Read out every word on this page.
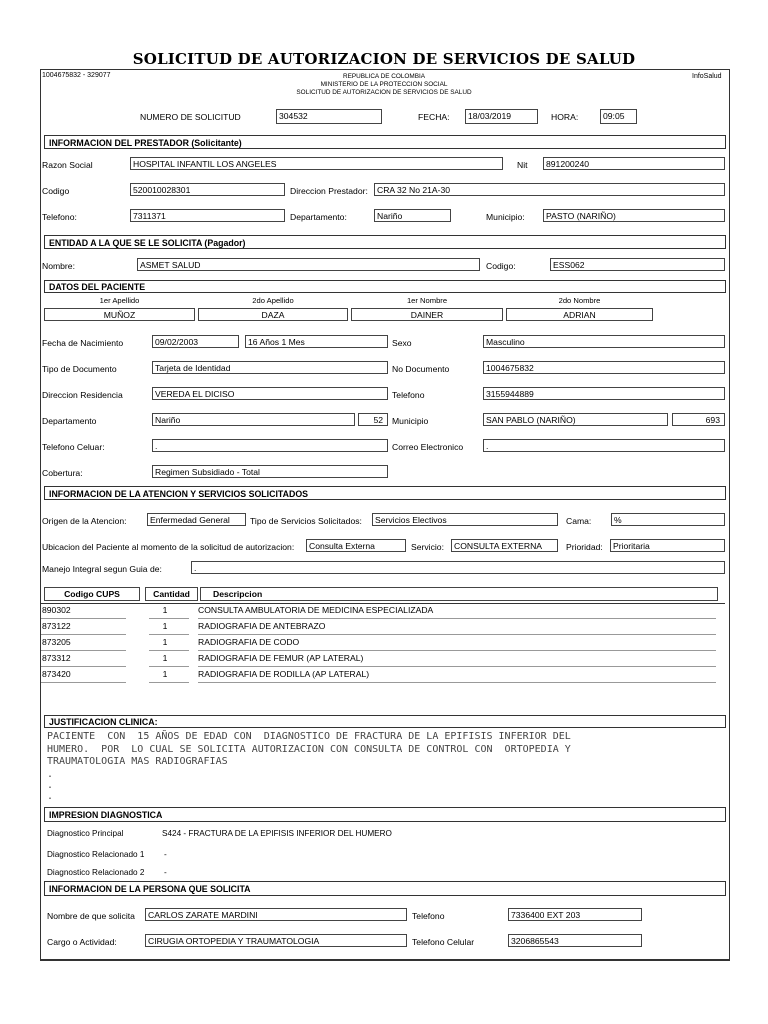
SOLICITUD DE AUTORIZACION DE SERVICIOS DE SALUD
1004675832 - 329077	REPUBLICA DE COLOMBIA
MINISTERIO DE LA PROTECCION SOCIAL
SOLICITUD DE AUTORIZACION DE SERVICIOS DE SALUD
InfoSalud
NUMERO DE SOLICITUD	304532	FECHA:	18/03/2019	HORA:	09:05
INFORMACION DEL PRESTADOR (Solicitante)
Razon Social	HOSPITAL INFANTIL LOS ANGELES	Nit	891200240
Codigo	520010028301	Direccion Prestador:	CRA 32 No 21A-30
Telefono:	7311371	Departamento:	Nariño	Municipio:	PASTO (NARIÑO)
ENTIDAD A LA QUE SE LE SOLICITA (Pagador)
Nombre:	ASMET SALUD	Codigo:	ESS062
DATOS DEL PACIENTE
1er Apellido	2do Apellido	1er Nombre	2do Nombre
MUÑOZ	DAZA	DAINER	ADRIAN
Fecha de Nacimiento	09/02/2003	16 Años 1 Mes	Sexo	Masculino
Tipo de Documento	Tarjeta de Identidad	No Documento	1004675832
Direccion Residencia	VEREDA EL DICISO	Telefono	3155944889
Departamento	Nariño	52	Municipio	SAN PABLO (NARIÑO)	693
Telefono Celuar:	.	Correo Electronico	.
Cobertura:	Regimen Subsidiado - Total
INFORMACION DE LA ATENCION Y SERVICIOS SOLICITADOS
Origen de la Atencion:	Enfermedad General	Tipo de Servicios Solicitados:	Servicios Electivos	Cama:	%
Ubicacion del Paciente al momento de la solicitud de autorizacion:	Consulta Externa	Servicio:	CONSULTA EXTERNA	Prioridad:	Prioritaria
Manejo Integral segun Guia de:	.
Codigo CUPS	Cantidad	Descripcion
890302	1	CONSULTA AMBULATORIA DE MEDICINA ESPECIALIZADA
873122	1	RADIOGRAFIA DE ANTEBRAZO
873205	1	RADIOGRAFIA DE CODO
873312	1	RADIOGRAFIA DE FEMUR (AP LATERAL)
873420	1	RADIOGRAFIA DE RODILLA (AP LATERAL)
JUSTIFICACION CLINICA:
PACIENTE  CON  15 AÑOS DE EDAD CON  DIAGNOSTICO DE FRACTURA DE LA EPIFISIS INFERIOR DEL
HUMERO.  POR  LO CUAL SE SOLICITA AUTORIZACION CON CONSULTA DE CONTROL CON  ORTOPEDIA Y
TRAUMATOLOGIA MAS RADIOGRAFIAS
.
.
.
IMPRESION DIAGNOSTICA
Diagnostico Principal	S424 - FRACTURA DE LA EPIFISIS INFERIOR DEL HUMERO
Diagnostico Relacionado 1 -
Diagnostico Relacionado 2 -
INFORMACION DE LA PERSONA QUE SOLICITA
Nombre de que solicita	CARLOS ZARATE MARDINI	Telefono	7336400 EXT 203
Cargo o Actividad:	CIRUGIA ORTOPEDIA Y TRAUMATOLOGIA	Telefono Celular	3206865543
